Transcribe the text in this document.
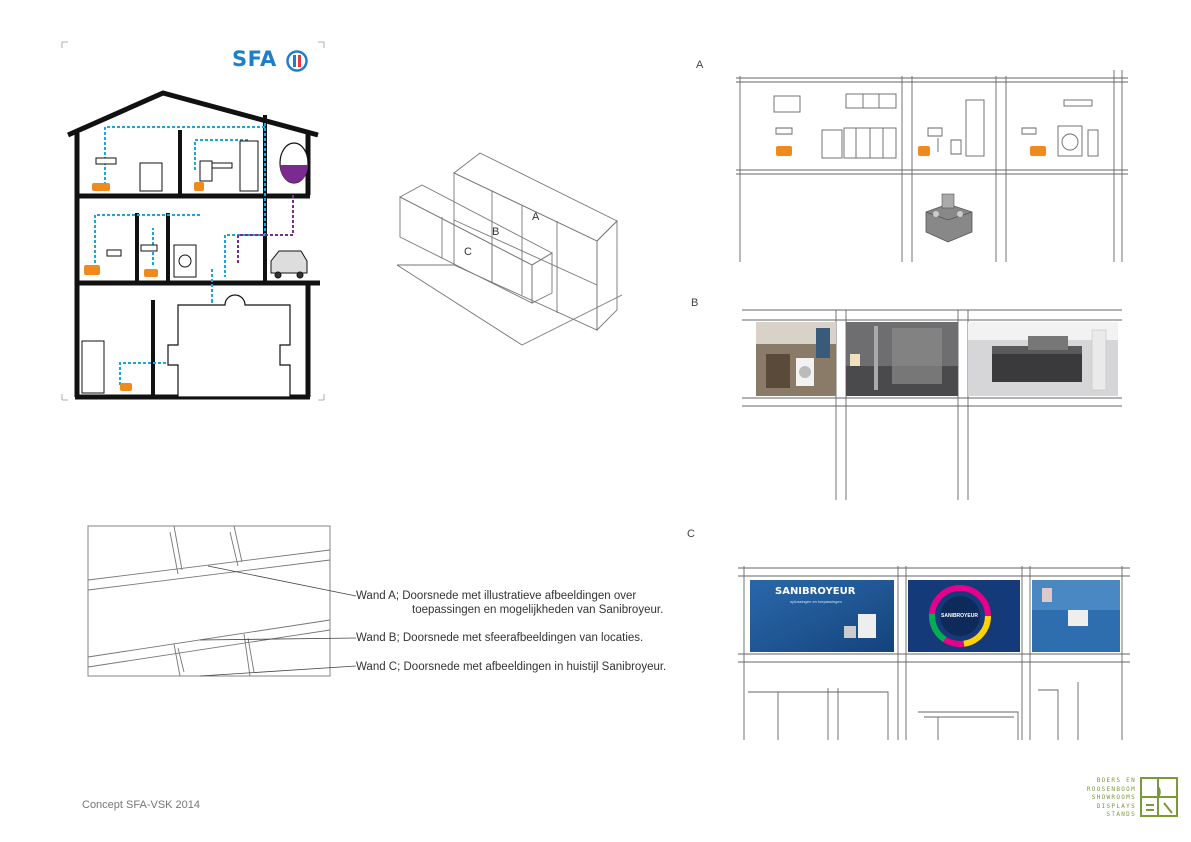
SFA
A
B
C
Wand A; Doorsnede met illustratieve afbeeldingen over
toepassingen en mogelijkheden van Sanibroyeur.
Wand B; Doorsnede met sfeerafbeeldingen van locaties.
Wand C; Doorsnede met afbeeldingen in huistijl Sanibroyeur.
A
B
C
SANIBROYEUR
oplossingen en toepassingen
SANIBROYEUR
Concept SFA-VSK 2014
BOERS EN
ROOSENBOOM
SHOWROOMS
DISPLAYS
STANDS
